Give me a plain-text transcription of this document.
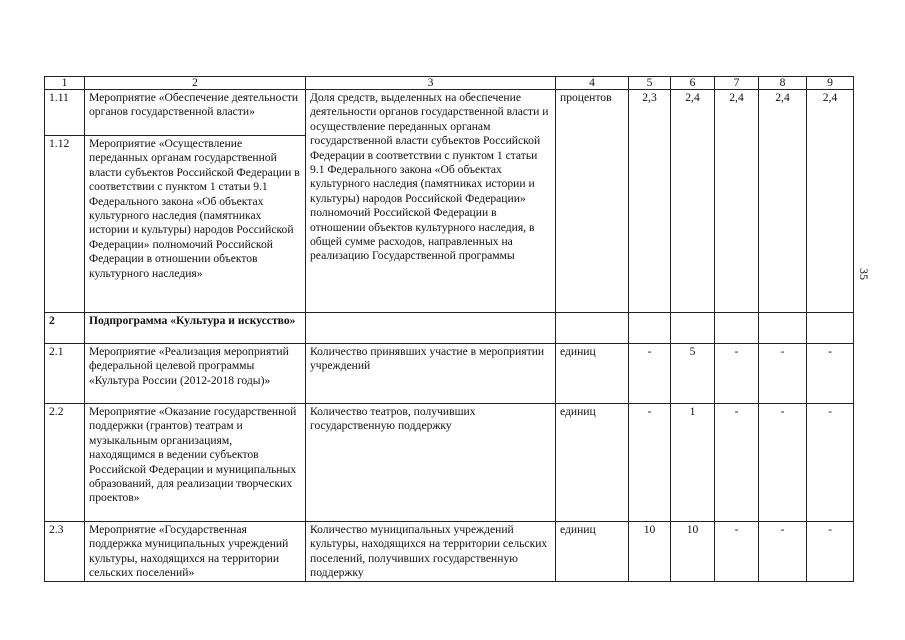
1	2	3	4	5	6	7	8	9
1.11	Мероприятие «Обеспечение деятельности органов государственной власти»	Доля средств, выделенных на обеспечение деятельности органов государственной власти и осуществление переданных органам государственной власти субъектов Российской Федерации в соответствии с пунктом 1 статьи 9.1 Федерального закона «Об объектах культурного наследия (памятниках истории и культуры) народов Российской Федерации» полномочий Российской Федерации в отношении объектов культурного наследия, в общей сумме расходов, направленных на реализацию Государственной программы	процентов	2,3	2,4	2,4	2,4	2,4
1.12	Мероприятие «Осуществление переданных органам государственной власти субъектов Российской Федерации в соответствии с пунктом 1 статьи 9.1 Федерального закона «Об объектах культурного наследия (памятниках истории и культуры) народов Российской Федерации» полномочий Российской Федерации в отношении объектов культурного наследия»							
2	Подпрограмма «Культура и искусство»							
2.1	Мероприятие «Реализация мероприятий федеральной целевой программы «Культура России (2012-2018 годы)»	Количество принявших участие в мероприятии учреждений	единиц	-	5	-	-	-
2.2	Мероприятие «Оказание государственной поддержки (грантов) театрам и музыкальным организациям, находящимся в ведении субъектов Российской Федерации и муниципальных образований, для реализации творческих проектов»	Количество театров, получивших государственную поддержку	единиц	-	1	-	-	-
2.3	Мероприятие «Государственная поддержка муниципальных учреждений культуры, находящихся на территории сельских поселений»	Количество муниципальных учреждений культуры, находящихся на территории сельских поселений, получивших государственную поддержку	единиц	10	10	-	-	-
35
